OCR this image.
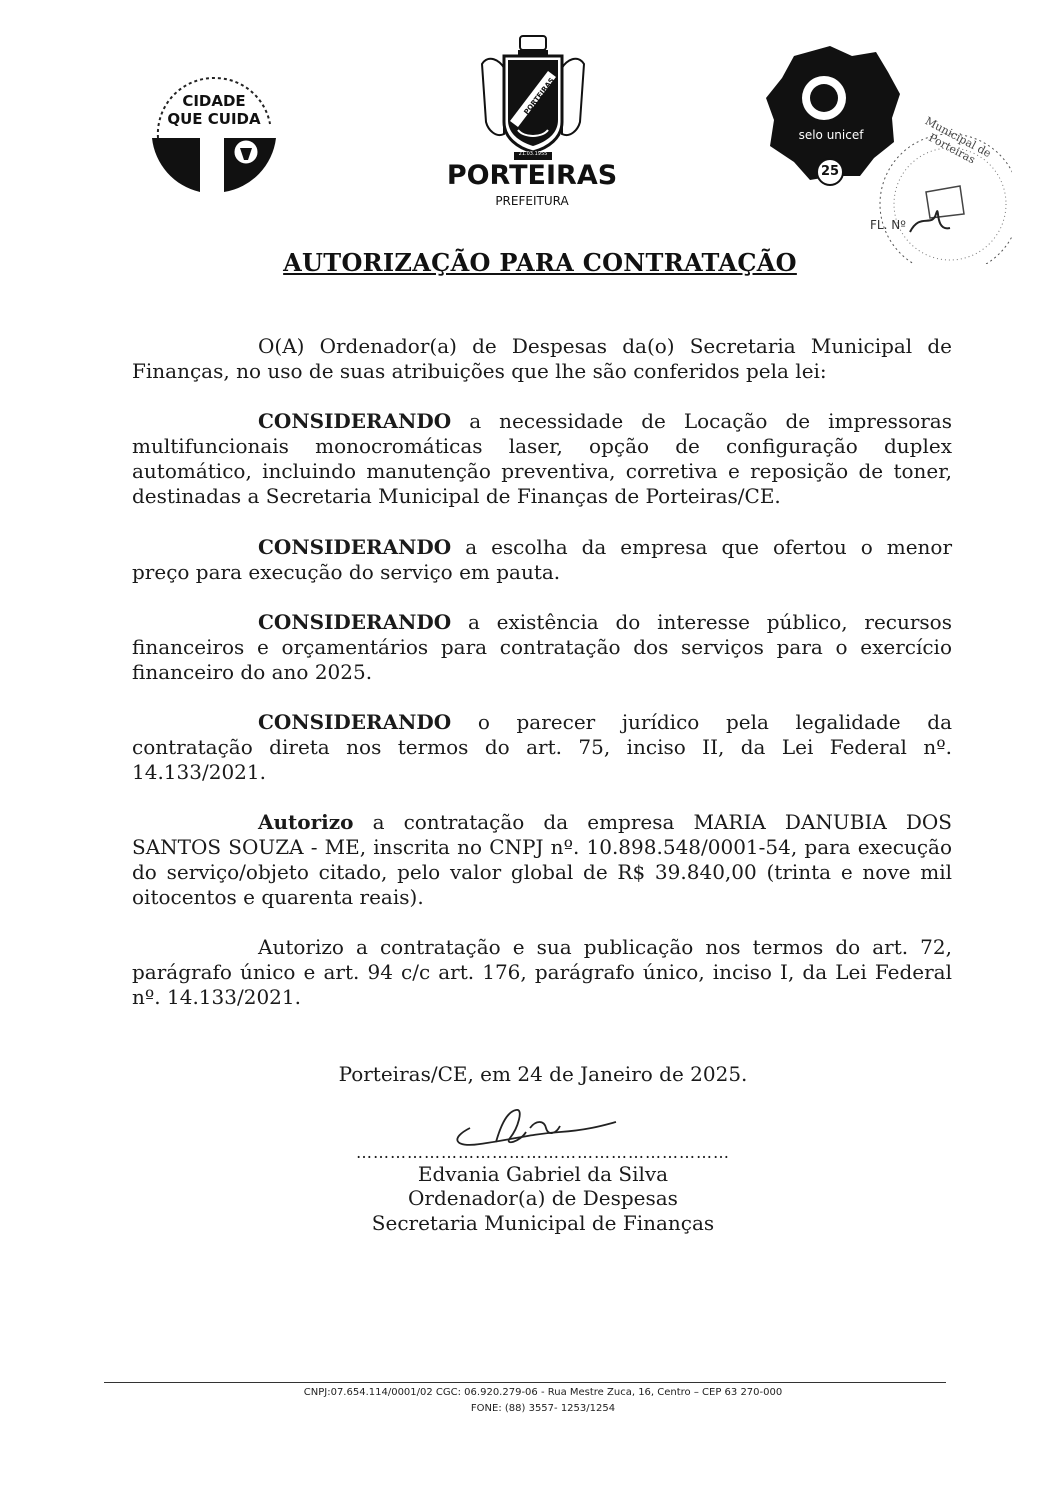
CIDADE
QUE CUIDA
PORTEIRAS
21.03.1955
PORTEIRAS
PREFEITURA
selo unicef
25
Municipal de Porteiras
FL. Nº
AUTORIZAÇÃO PARA CONTRATAÇÃO

O(A) Ordenador(a) de Despesas da(o) Secretaria Municipal de Finanças, no uso de suas atribuições que lhe são conferidos pela lei:

CONSIDERANDO a necessidade de Locação de impressoras multifuncionais monocromáticas laser, opção de configuração duplex automático, incluindo manutenção preventiva, corretiva e reposição de toner, destinadas a Secretaria Municipal de Finanças de Porteiras/CE.

CONSIDERANDO a escolha da empresa que ofertou o menor preço para execução do serviço em pauta.

CONSIDERANDO a existência do interesse público, recursos financeiros e orçamentários para contratação dos serviços para o exercício financeiro do ano 2025.

CONSIDERANDO o parecer jurídico pela legalidade da contratação direta nos termos do art. 75, inciso II, da Lei Federal nº. 14.133/2021.

Autorizo a contratação da empresa MARIA DANUBIA DOS SANTOS SOUZA - ME, inscrita no CNPJ nº. 10.898.548/0001-54, para execução do serviço/objeto citado, pelo valor global de R$ 39.840,00 (trinta e nove mil oitocentos e quarenta reais).

Autorizo a contratação e sua publicação nos termos do art. 72, parágrafo único e art. 94 c/c art. 176, parágrafo único, inciso I, da Lei Federal nº. 14.133/2021.

Porteiras/CE, em 24 de Janeiro de 2025.
…………………………………………………………
Edvania Gabriel da Silva
Ordenador(a) de Despesas
Secretaria Municipal de Finanças
CNPJ:07.654.114/0001/02 CGC: 06.920.279-06 - Rua Mestre Zuca, 16, Centro – CEP 63 270-000
FONE: (88) 3557- 1253/1254
